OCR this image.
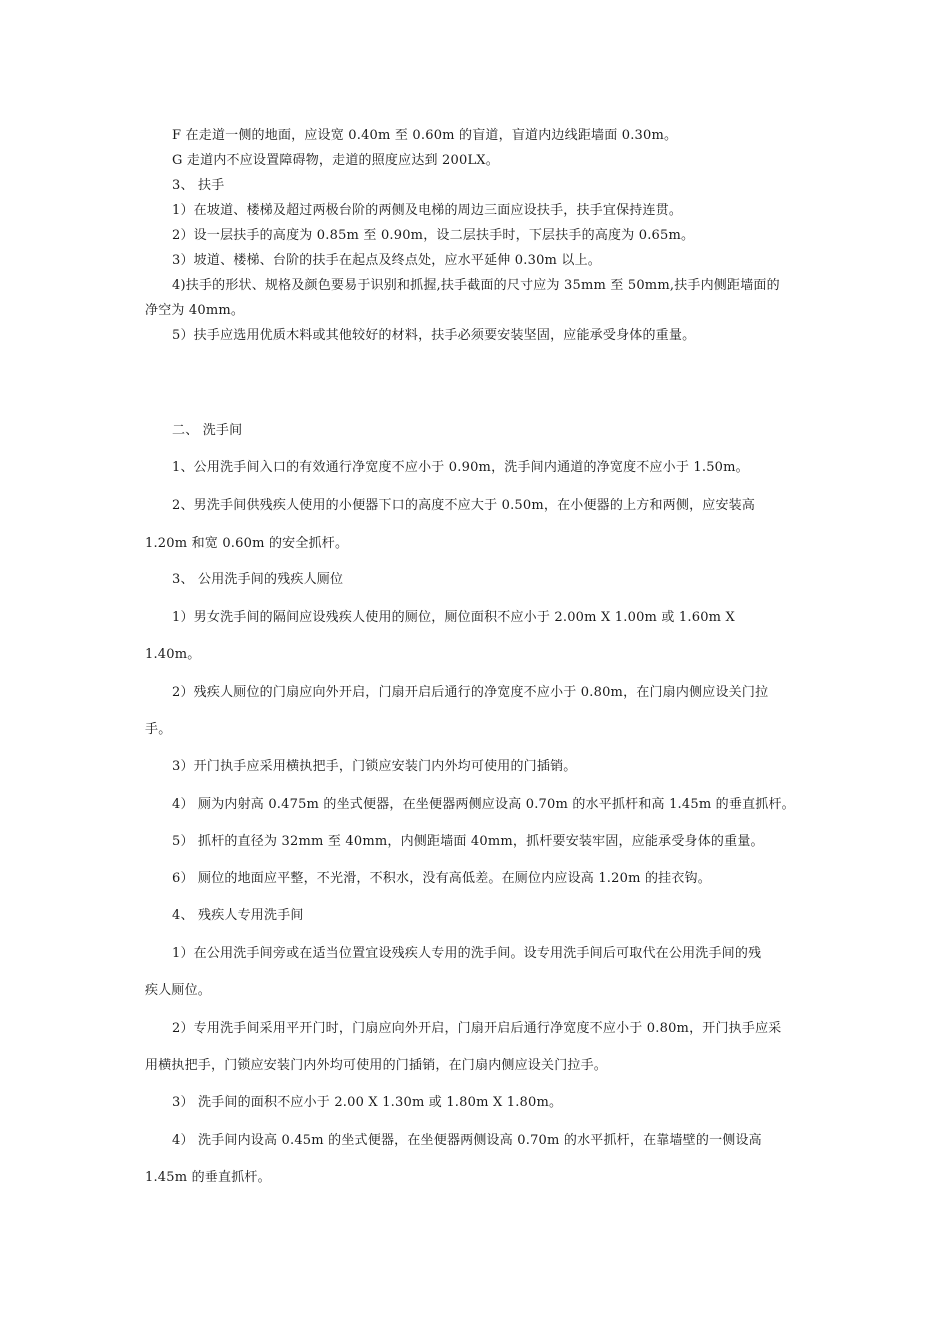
F 在走道一侧的地面，应设宽 0.40m 至 0.60m 的盲道，盲道内边线距墙面 0.30m。
G 走道内不应设置障碍物，走道的照度应达到 200LX。
3、 扶手
1）在坡道、楼梯及超过两极台阶的两侧及电梯的周边三面应设扶手，扶手宜保持连贯。
2）设一层扶手的高度为 0.85m 至 0.90m，设二层扶手时，下层扶手的高度为 0.65m。
3）坡道、楼梯、台阶的扶手在起点及终点处，应水平延伸 0.30m 以上。
4)扶手的形状、规格及颜色要易于识别和抓握,扶手截面的尺寸应为 35mm 至 50mm,扶手内侧距墙面的
净空为 40mm。
5）扶手应选用优质木料或其他较好的材料，扶手必须要安装坚固，应能承受身体的重量。
二、 洗手间
1、公用洗手间入口的有效通行净宽度不应小于 0.90m，洗手间内通道的净宽度不应小于 1.50m。
2、男洗手间供残疾人使用的小便器下口的高度不应大于 0.50m，在小便器的上方和两侧，应安装高
1.20m 和宽 0.60m 的安全抓杆。
3、 公用洗手间的残疾人厕位
1）男女洗手间的隔间应设残疾人使用的厕位，厕位面积不应小于 2.00m X 1.00m 或 1.60m X
1.40m。
2）残疾人厕位的门扇应向外开启，门扇开启后通行的净宽度不应小于 0.80m，在门扇内侧应设关门拉
手。
3）开门执手应采用横执把手，门锁应安装门内外均可使用的门插销。
4） 厕为内射高 0.475m 的坐式便器，在坐便器两侧应设高 0.70m 的水平抓杆和高 1.45m 的垂直抓杆。
5） 抓杆的直径为 32mm 至 40mm，内侧距墙面 40mm，抓杆要安装牢固，应能承受身体的重量。
6） 厕位的地面应平整，不光滑，不积水，没有高低差。在厕位内应设高 1.20m 的挂衣钩。
4、 残疾人专用洗手间
1）在公用洗手间旁或在适当位置宜设残疾人专用的洗手间。设专用洗手间后可取代在公用洗手间的残
疾人厕位。
2）专用洗手间采用平开门时，门扇应向外开启，门扇开启后通行净宽度不应小于 0.80m，开门执手应采
用横执把手，门锁应安装门内外均可使用的门插销，在门扇内侧应设关门拉手。
3） 洗手间的面积不应小于 2.00 X 1.30m 或 1.80m X 1.80m。
4） 洗手间内设高 0.45m 的坐式便器，在坐便器两侧设高 0.70m 的水平抓杆，在靠墙壁的一侧设高
1.45m 的垂直抓杆。
